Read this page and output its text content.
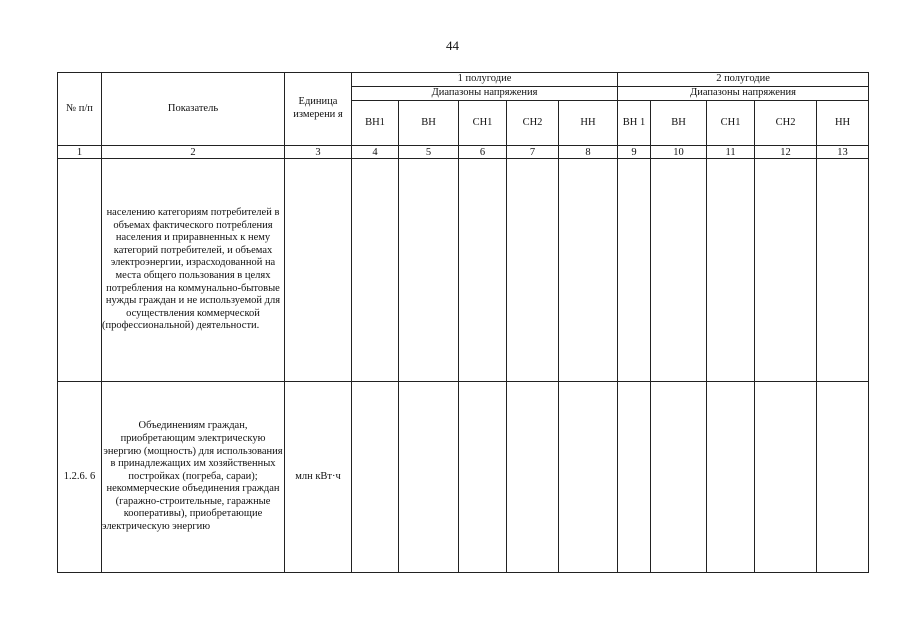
44
№ п/п	Показатель	Единица измерени я	1 полугодие					2 полугодие				
			Диапазоны напряжения					Диапазоны напряжения				
			ВН1	ВН	СН1	СН2	НН	ВН 1	ВН	СН1	СН2	НН
1	2	3	4	5	6	7	8	9	10	11	12	13

	населению категориям потребителей в объемах фактического потребления населения и приравненных к нему категорий потребителей, и объемах электроэнергии, израсходованной на места общего пользования в целях потребления на коммунально-бытовые нужды граждан и не используемой для осуществления коммерческой (профессиональной) деятельности.											

1.2.6. 6	Объединениям граждан, приобретающим электрическую энергию (мощность) для использования в принадлежащих им хозяйственных постройках (погреба, сараи); некоммерческие объединения граждан (гаражно-строительные, гаражные кооперативы), приобретающие электрическую энергию	млн кВт·ч										
